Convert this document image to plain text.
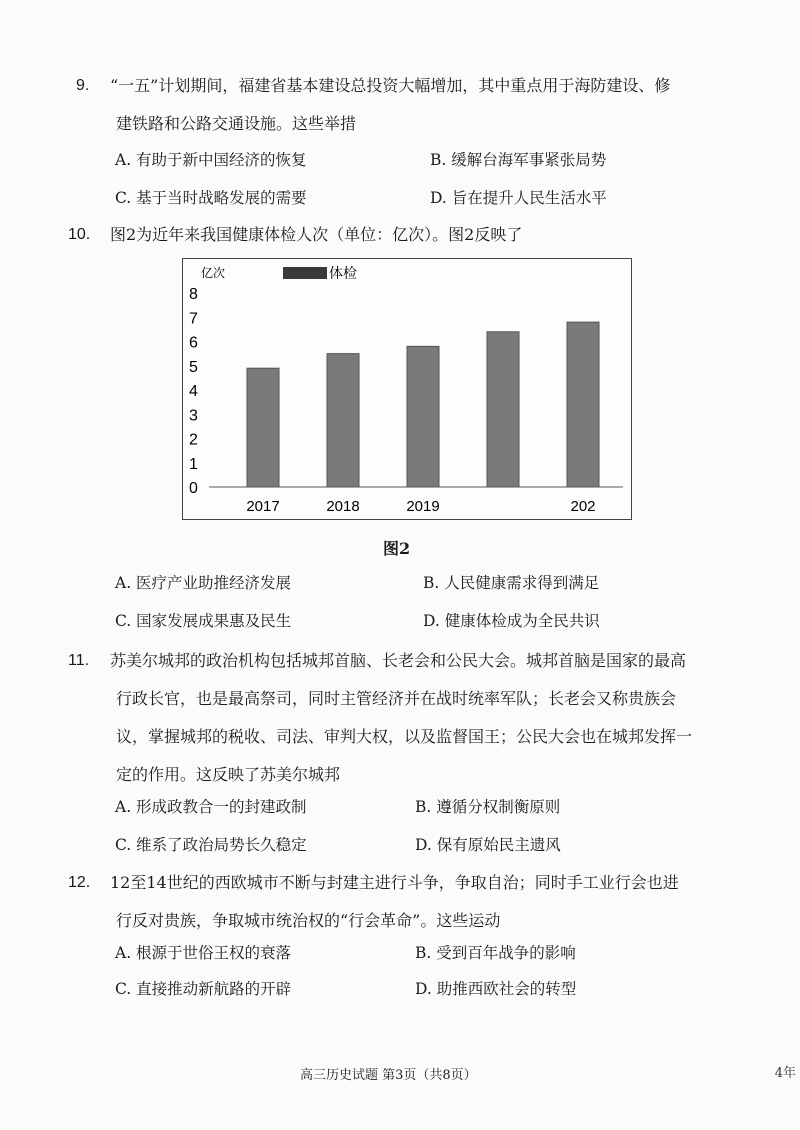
9.	“一五”计划期间，福建省基本建设总投资大幅增加，其中重点用于海防建设、修
建铁路和公路交通设施。这些举措
A. 有助于新中国经济的恢复	B. 缓解台海军事紧张局势
C. 基于当时战略发展的需要	D. 旨在提升人民生活水平
10.	图2为近年来我国健康体检人次（单位：亿次）。图2反映了
亿次	体检
0
1
2
3
4
5
6
7
8
2017	2018	2019	202
图2
A. 医疗产业助推经济发展	B. 人民健康需求得到满足
C. 国家发展成果惠及民生	D. 健康体检成为全民共识
11.	苏美尔城邦的政治机构包括城邦首脑、长老会和公民大会。城邦首脑是国家的最高
行政长官，也是最高祭司，同时主管经济并在战时统率军队；长老会又称贵族会
议，掌握城邦的税收、司法、审判大权，以及监督国王；公民大会也在城邦发挥一
定的作用。这反映了苏美尔城邦
A. 形成政教合一的封建政制	B. 遵循分权制衡原则
C. 维系了政治局势长久稳定	D. 保有原始民主遗风
12.	12至14世纪的西欧城市不断与封建主进行斗争，争取自治；同时手工业行会也进
行反对贵族，争取城市统治权的“行会革命”。这些运动
A. 根源于世俗王权的衰落	B. 受到百年战争的影响
C. 直接推动新航路的开辟	D. 助推西欧社会的转型
高三历史试题 第3页（共8页）	4年
